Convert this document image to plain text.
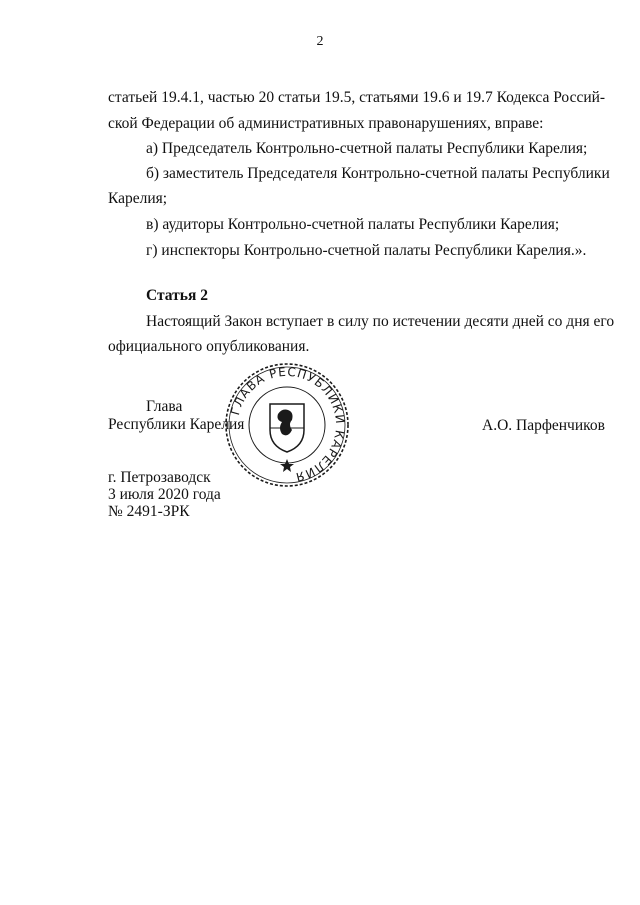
2
статьей 19.4.1, частью 20 статьи 19.5, статьями 19.6 и 19.7 Кодекса Россий-
ской Федерации об административных правонарушениях, вправе:
а) Председатель Контрольно-счетной палаты Республики Карелия;
б) заместитель Председателя Контрольно-счетной палаты Республики
Карелия;
в) аудиторы Контрольно-счетной палаты Республики Карелия;
г) инспекторы Контрольно-счетной палаты Республики Карелия.».
Статья 2
Настоящий Закон вступает в силу по истечении десяти дней со дня его
официального опубликования.
Глава
Республики Карелия	А.О. Парфенчиков
ГЛАВА РЕСПУБЛИКИ КАРЕЛИЯ
г. Петрозаводск
3 июля 2020 года
№ 2491-ЗРК
